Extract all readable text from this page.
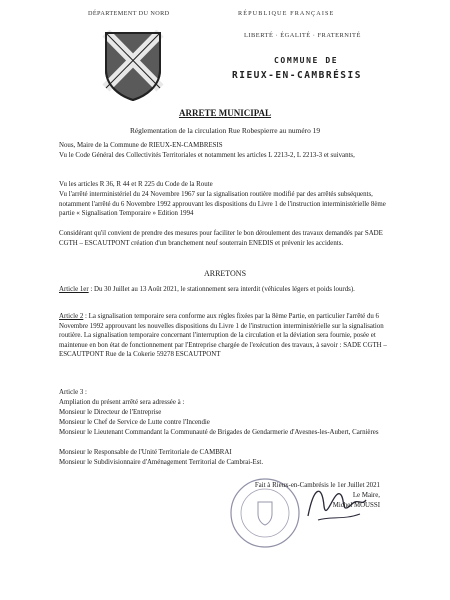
DÉPARTEMENT DU NORD	RÉPUBLIQUE FRANÇAISE
LIBERTÉ · ÉGALITÉ · FRATERNITÉ
COMMUNE DE
RIEUX-EN-CAMBRÉSIS
ARRETE MUNICIPAL
Réglementation de la circulation Rue Robespierre au numéro 19
Nous, Maire de la Commune de RIEUX-EN-CAMBRESIS
Vu le Code Général des Collectivités Territoriales et notamment les articles L 2213-2, L 2213-3 et suivants,
Vu les articles R 36, R 44 et R 225 du Code de la Route
Vu l'arrêté interministériel du 24 Novembre 1967 sur la signalisation routière modifié par des arrêtés subséquents, notamment l'arrêté du 6 Novembre 1992 approuvant les dispositions du Livre 1 de l'instruction interministérielle 8ème partie « Signalisation Temporaire » Edition 1994
Considérant qu'il convient de prendre des mesures pour faciliter le bon déroulement des travaux demandés par SADE CGTH – ESCAUTPONT création d'un branchement neuf souterrain ENEDIS et prévenir les accidents.
ARRETONS
Article 1er : Du 30 Juillet au 13 Août 2021, le stationnement sera interdit (véhicules légers et poids lourds).
Article 2 : La signalisation temporaire sera conforme aux règles fixées par la 8ème Partie, en particulier l'arrêté du 6 Novembre 1992 approuvant les nouvelles dispositions du Livre 1 de l'instruction interministérielle sur la signalisation routière. La signalisation temporaire concernant l'interruption de la circulation et la déviation sera fournie, posée et maintenue en bon état de fonctionnement par l'Entreprise chargée de l'exécution des travaux, à savoir : SADE CGTH – ESCAUTPONT Rue de la Cokerie 59278 ESCAUTPONT
Article 3 :
Ampliation du présent arrêté sera adressée à :
Monsieur le Directeur de l'Entreprise
Monsieur le Chef de Service de Lutte contre l'Incendie
Monsieur le Lieutenant Commandant la Communauté de Brigades de Gendarmerie d'Avesnes-les-Aubert, Carnières
Monsieur le Responsable de l'Unité Territoriale de CAMBRAI
Monsieur le Subdivisionnaire d'Aménagement Territorial de Cambrai-Est.
Fait à Rieux-en-Cambrésis le 1er Juillet 2021
Le Maire,
Michel MOUSSI
